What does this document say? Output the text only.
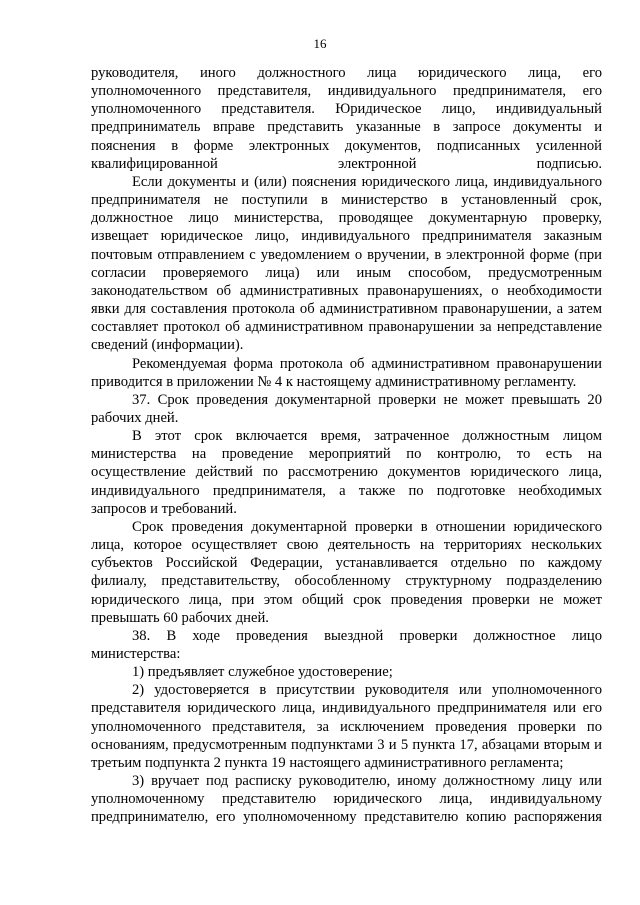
16

руководителя, иного должностного лица юридического лица, его уполномоченного представителя, индивидуального предпринимателя, его уполномоченного представителя. Юридическое лицо, индивидуальный предприниматель вправе представить указанные в запросе документы и пояснения в форме электронных документов, подписанных усиленной квалифицированной электронной подписью.

Если документы и (или) пояснения юридического лица, индивидуального предпринимателя не поступили в министерство в установленный срок, должностное лицо министерства, проводящее документарную проверку, извещает юридическое лицо, индивидуального предпринимателя заказным почтовым отправлением с уведомлением о вручении, в электронной форме (при согласии проверяемого лица) или иным способом, предусмотренным законодательством об административных правонарушениях, о необходимости явки для составления протокола об административном правонарушении, а затем составляет протокол об административном правонарушении за непредставление сведений (информации).

Рекомендуемая форма протокола об административном правонарушении приводится в приложении № 4 к настоящему административному регламенту.

37. Срок проведения документарной проверки не может превышать 20 рабочих дней.

В этот срок включается время, затраченное должностным лицом министерства на проведение мероприятий по контролю, то есть на осуществление действий по рассмотрению документов юридического лица, индивидуального предпринимателя, а также по подготовке необходимых запросов и требований.

Срок проведения документарной проверки в отношении юридического лица, которое осуществляет свою деятельность на территориях нескольких субъектов Российской Федерации, устанавливается отдельно по каждому филиалу, представительству, обособленному структурному подразделению юридического лица, при этом общий срок проведения проверки не может превышать 60 рабочих дней.

38. В ходе проведения выездной проверки должностное лицо министерства:

1) предъявляет служебное удостоверение;

2) удостоверяется в присутствии руководителя или уполномоченного представителя юридического лица, индивидуального предпринимателя или его уполномоченного представителя, за исключением проведения проверки по основаниям, предусмотренным подпунктами 3 и 5 пункта 17, абзацами вторым и третьим подпункта 2 пункта 19 настоящего административного регламента;

3) вручает под расписку руководителю, иному должностному лицу или уполномоченному представителю юридического лица, индивидуальному предпринимателю, его уполномоченному представителю копию распоряжения
